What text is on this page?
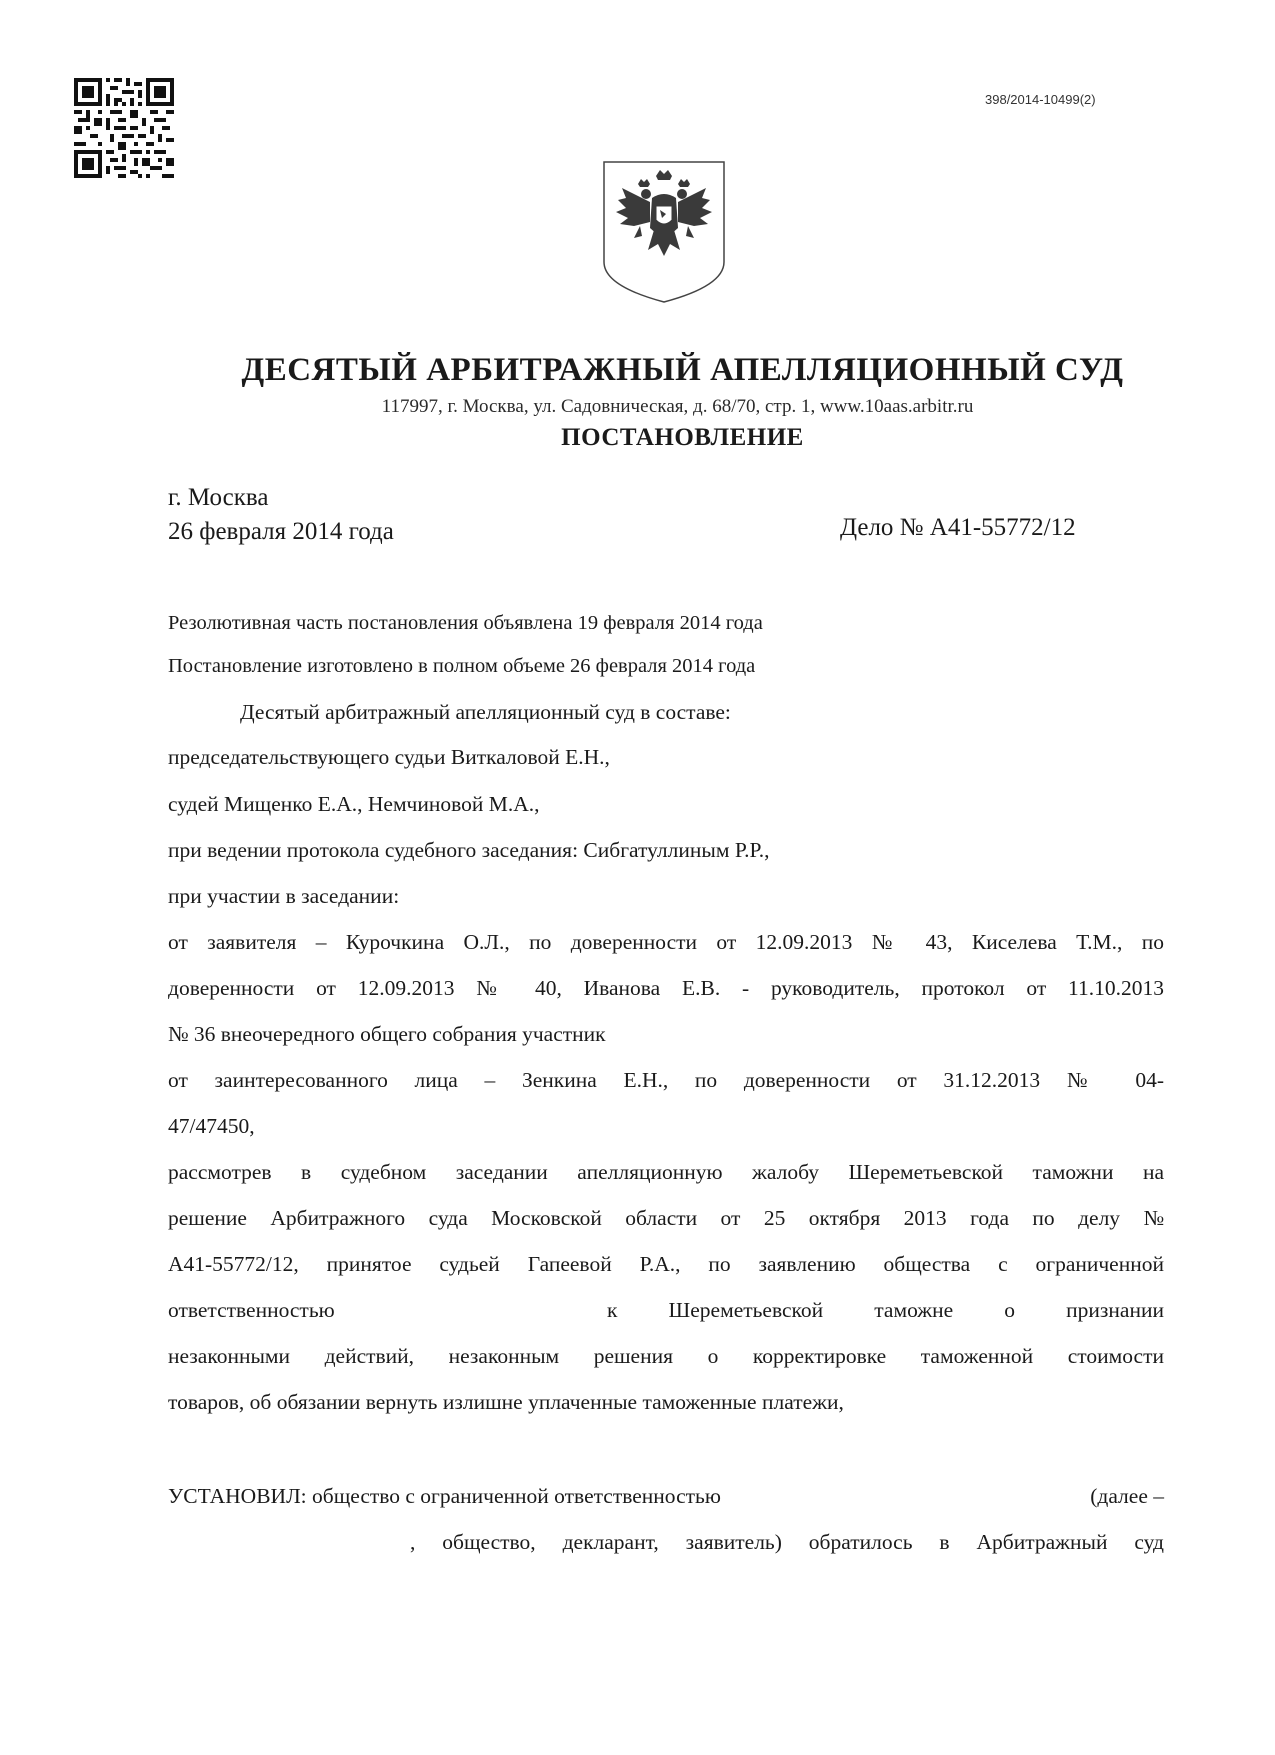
398/2014-10499(2)
ДЕСЯТЫЙ АРБИТРАЖНЫЙ АПЕЛЛЯЦИОННЫЙ СУД
117997, г. Москва, ул. Садовническая, д. 68/70, стр. 1, www.10aas.arbitr.ru
ПОСТАНОВЛЕНИЕ
г. Москва
26 февраля 2014 года	Дело № А41-55772/12
Резолютивная часть постановления объявлена 19 февраля 2014 года
Постановление изготовлено в полном объеме 26 февраля 2014 года
Десятый арбитражный апелляционный суд в составе:
председательствующего судьи Виткаловой Е.Н.,
судей Мищенко Е.А., Немчиновой М.А.,
при ведении протокола судебного заседания: Сибгатуллиным Р.Р.,
при участии в заседании:
от заявителя – Курочкина О.Л., по доверенности от 12.09.2013 № 43, Киселева Т.М., по
доверенности от 12.09.2013 № 40, Иванова Е.В. - руководитель, протокол от 11.10.2013
№ 36 внеочередного общего собрания участник
от заинтересованного лица – Зенкина Е.Н., по доверенности от 31.12.2013 № 04-
47/47450,
рассмотрев в судебном заседании апелляционную жалобу Шереметьевской таможни на
решение Арбитражного суда Московской области от 25 октября 2013 года по делу №
А41-55772/12, принятое судьей Гапеевой Р.А., по заявлению общества с ограниченной
ответственностью	к Шереметьевской таможне о признании
незаконными действий, незаконным решения о корректировке таможенной стоимости
товаров, об обязании вернуть излишне уплаченные таможенные платежи,
УСТАНОВИЛ: общество с ограниченной ответственностью	(далее –
, общество, декларант, заявитель) обратилось в Арбитражный суд
